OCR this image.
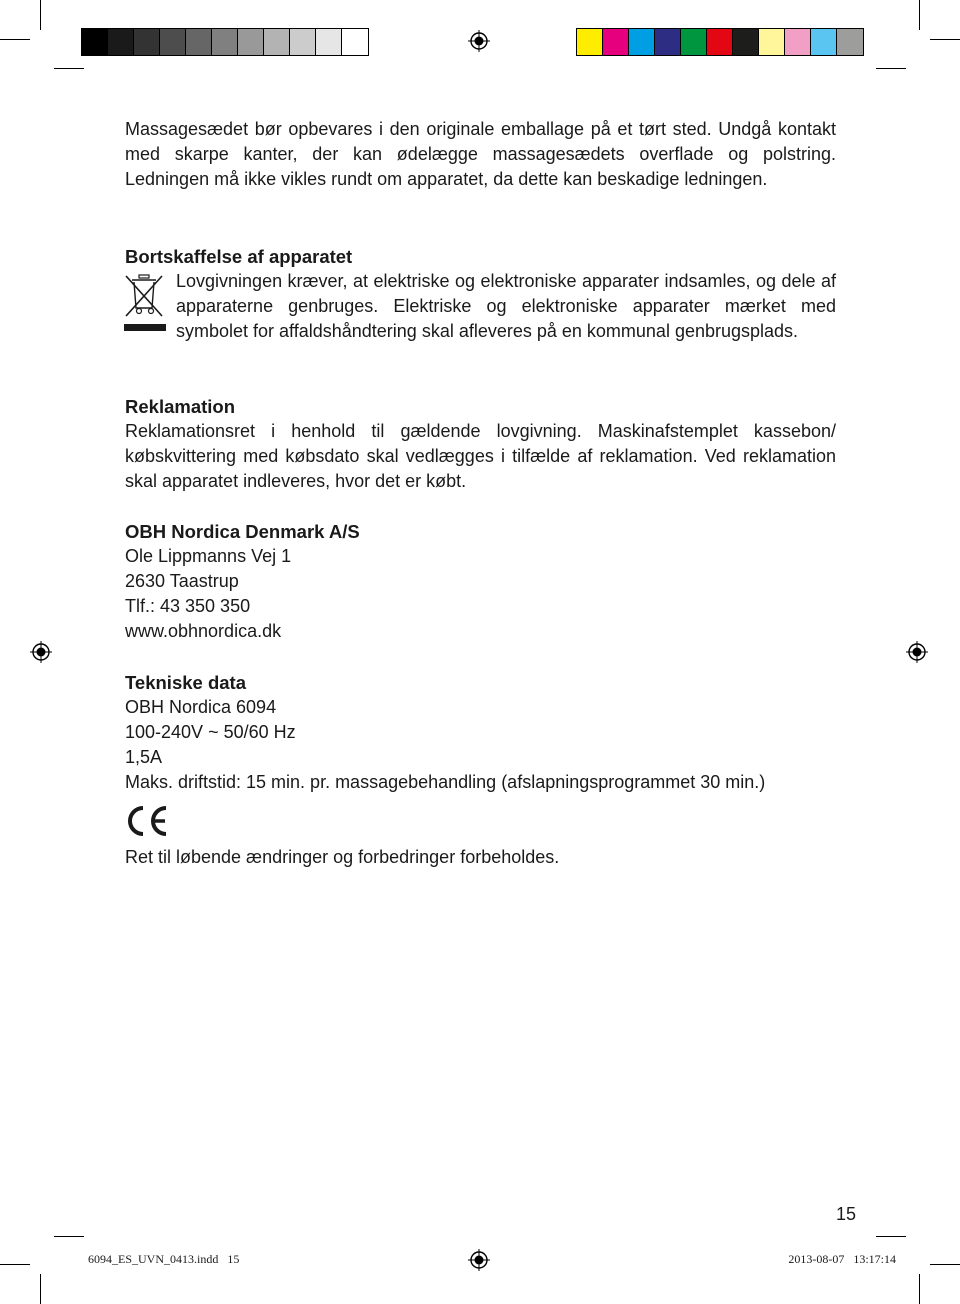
Massagesædet bør opbevares i den originale emballage på et tørt sted. Undgå kontakt med skarpe kanter, der kan ødelægge massagesædets overflade og polstring. Ledningen må ikke vikles rundt om apparatet, da dette kan beskadige ledningen.

Bortskaffelse af apparatet

Lovgivningen kræver, at elektriske og elektroniske apparater indsamles, og dele af apparaterne genbruges. Elektriske og elektroniske apparater mærket med symbolet for affaldshåndtering skal afleveres på en kommunal genbrugsplads.

Reklamation

Reklamationsret i henhold til gældende lovgivning. Maskinafstemplet kassebon/ købskvittering med købsdato skal vedlægges i tilfælde af reklamation. Ved reklamation skal apparatet indleveres, hvor det er købt.

OBH Nordica Denmark A/S
Ole Lippmanns Vej 1
2630 Taastrup
Tlf.: 43 350 350
www.obhnordica.dk
Tekniske data
OBH Nordica 6094
100-240V ~ 50/60 Hz
1,5A
Maks. driftstid: 15 min. pr. massagebehandling (afslapningsprogrammet 30 min.)

Ret til løbende ændringer og forbedringer forbeholdes.

15
6094_ES_UVN_0413.indd   15	2013-08-07   13:17:14
